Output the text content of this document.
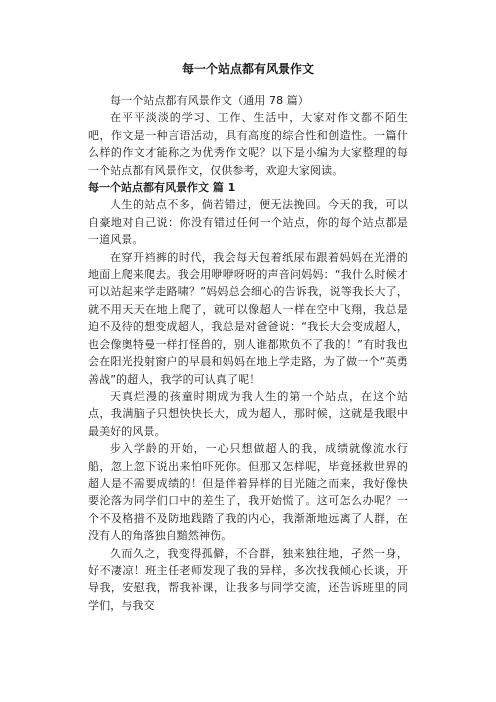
每一个站点都有风景作文

每一个站点都有风景作文（通用 78 篇）

在平平淡淡的学习、工作、生活中，大家对作文都不陌生吧，作文是一种言语活动，具有高度的综合性和创造性。一篇什么样的作文才能称之为优秀作文呢？以下是小编为大家整理的每一个站点都有风景作文，仅供参考，欢迎大家阅读。

每一个站点都有风景作文 篇 1

人生的站点不多，倘若错过，便无法挽回。今天的我，可以自豪地对自己说：你没有错过任何一个站点，你的每个站点都是一道风景。

在穿开裆裤的时代，我会每天包着纸尿布跟着妈妈在光滑的地面上爬来爬去。我会用咿咿呀呀的声音问妈妈：“我什么时候才可以站起来学走路啸？”妈妈总会细心的告诉我，说等我长大了，就不用天天在地上爬了，就可以像超人一样在空中飞翔，我总是迫不及待的想变成超人，我总是对爸爸说：“我长大会变成超人，也会像奥特曼一样打怪兽的，别人谁都欺负不了我的！”有时我也会在阳光投射窗户的早晨和妈妈在地上学走路，为了做一个“英勇善战”的超人，我学的可认真了呢！

天真烂漫的孩童时期成为我人生的第一个站点，在这个站点，我满脑子只想快快长大，成为超人，那时候，这就是我眼中最美好的风景。

步入学龄的开始，一心只想做超人的我，成绩就像流水行船，忽上忽下说出来怕吓死你。但那又怎样呢，毕竟拯救世界的超人是不需要成绩的！但是伴着异样的目光随之而来，我好像快要沦落为同学们口中的差生了，我开始慌了。这可怎么办呢？一个不及格措不及防地践踏了我的内心，我渐渐地远离了人群，在没有人的角落独自黯然神伤。

久而久之，我变得孤僻，不合群，独来独往地，孑然一身，好不凄凉！班主任老师发现了我的异样，多次找我倾心长谈，开导我，安慰我，帮我补课，让我多与同学交流，还告诉班里的同学们，与我交
